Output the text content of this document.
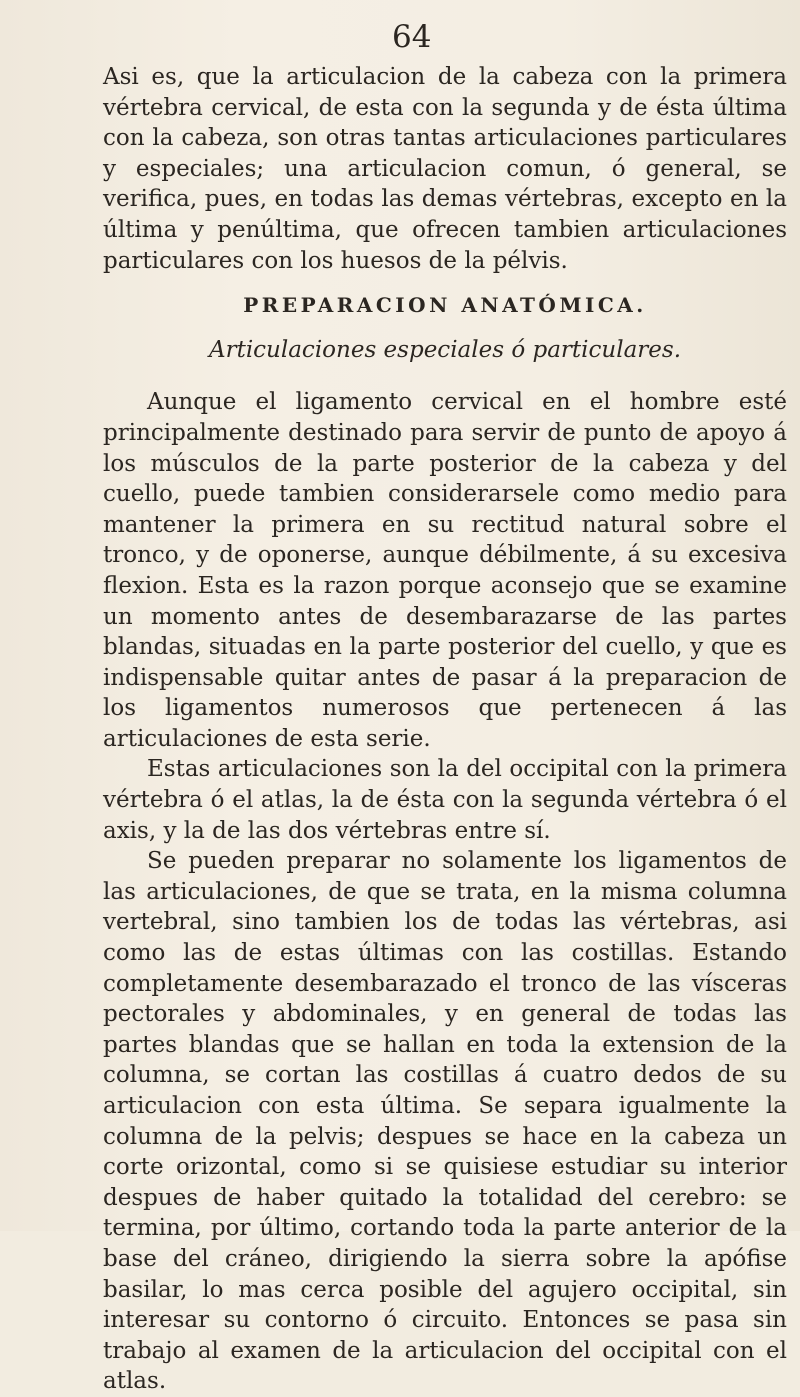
64

Asi es, que la articulacion de la cabeza con la primera vértebra cervical, de esta con la segunda y de ésta última con la cabeza, son otras tantas articulaciones particulares y especiales; una articulacion comun, ó general, se verifica, pues, en todas las demas vértebras, excepto en la última y penúltima, que ofrecen tambien articulaciones particulares con los huesos de la pélvis.

PREPARACION ANATÓMICA.

Articulaciones especiales ó particulares.

Aunque el ligamento cervical en el hombre esté principalmente destinado para servir de punto de apoyo á los músculos de la parte posterior de la cabeza y del cuello, puede tambien considerarsele como medio para mantener la primera en su rectitud natural sobre el tronco, y de oponerse, aunque débilmente, á su excesiva flexion. Esta es la razon porque aconsejo que se examine un momento antes de desembarazarse de las partes blandas, situadas en la parte posterior del cuello, y que es indispensable quitar antes de pasar á la preparacion de los ligamentos numerosos que pertenecen á las articulaciones de esta serie.

Estas articulaciones son la del occipital con la primera vértebra ó el atlas, la de ésta con la segunda vértebra ó el axis, y la de las dos vértebras entre sí.

Se pueden preparar no solamente los ligamentos de las articulaciones, de que se trata, en la misma columna vertebral, sino tambien los de todas las vértebras, asi como las de estas últimas con las costillas. Estando completamente desembarazado el tronco de las vísceras pectorales y abdominales, y en general de todas las partes blandas que se hallan en toda la extension de la columna, se cortan las costillas á cuatro dedos de su articulacion con esta última. Se separa igualmente la columna de la pelvis; despues se hace en la cabeza un corte orizontal, como si se quisiese estudiar su interior despues de haber quitado la totalidad del cerebro: se termina, por último, cortando toda la parte anterior de la base del cráneo, dirigiendo la sierra sobre la apófise basilar, lo mas cerca posible del agujero occipital, sin interesar su contorno ó circuito. Entonces se pasa sin trabajo al examen de la articulacion del occipital con el atlas.
